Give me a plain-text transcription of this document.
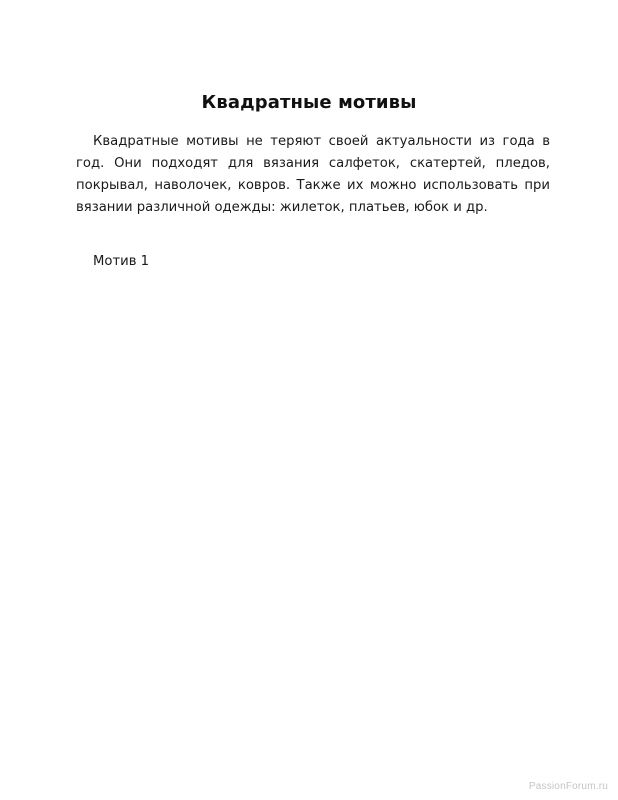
Квадратные мотивы

Квадратные мотивы не теряют своей актуальности из года в год. Они подходят для вязания салфеток, скатертей, пледов, покрывал, наволочек, ковров. Также их можно использовать при вязании различной одежды: жилеток, платьев, юбок и др.

Мотив 1
PassionForum.ru
